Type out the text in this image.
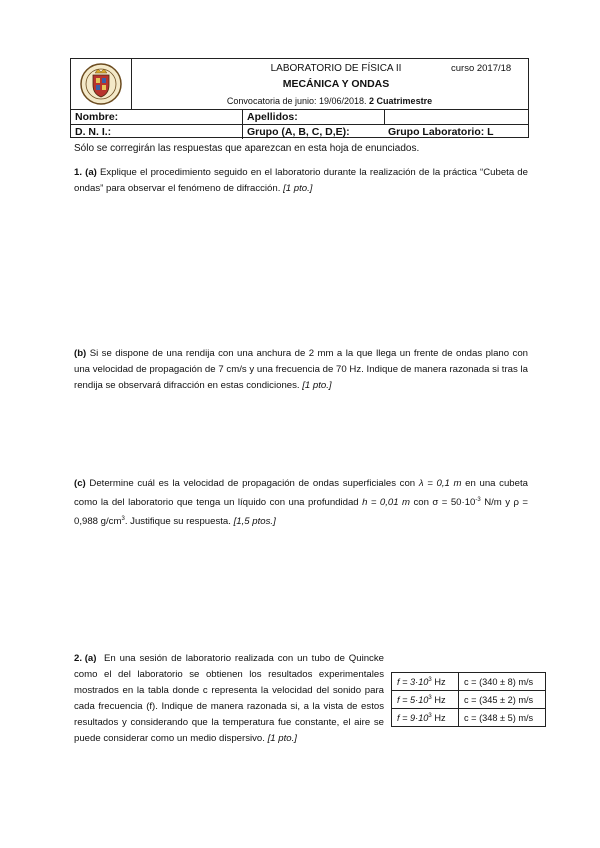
LABORATORIO DE FÍSICA II
MECÁNICA Y ONDAS
curso 2017/18
Convocatoria de junio: 19/06/2018. 2 Cuatrimestre
Nombre:	Apellidos:
D. N. I.:	Grupo (A, B, C, D,E):	Grupo Laboratorio: L
Sólo se corregirán las respuestas que aparezcan en esta hoja de enunciados.

1. (a) Explique el procedimiento seguido en el laboratorio durante la realización de la práctica “Cubeta de ondas” para observar el fenómeno de difracción. [1 pto.]

(b) Si se dispone de una rendija con una anchura de 2 mm a la que llega un frente de ondas plano con una velocidad de propagación de 7 cm/s y una frecuencia de 70 Hz. Indique de manera razonada si tras la rendija se observará difracción en estas condiciones. [1 pto.]

(c) Determine cuál es la velocidad de propagación de ondas superficiales con λ = 0,1 m en una cubeta como la del laboratorio que tenga un líquido con una profundidad h = 0,01 m con $\sigma = 50\cdot 10^{-3}$ N/m y ρ = 0,988 $g/cm^3$. Justifique su respuesta. [1,5 ptos.]

2. (a) En una sesión de laboratorio realizada con un tubo de Quincke como el del laboratorio se obtienen los resultados experimentales mostrados en la tabla donde c representa la velocidad del sonido para cada frecuencia (f). Indique de manera razonada si, a la vista de estos resultados y considerando que la temperatura fue constante, el aire se puede considerar como un medio dispersivo. [1 pto.]

$f = 3\cdot 10^3$ Hz	c = (340 ± 8) m/s
$f = 5\cdot 10^3$ Hz	c = (345 ± 2) m/s
$f = 9\cdot 10^3$ Hz	c = (348 ± 5) m/s
